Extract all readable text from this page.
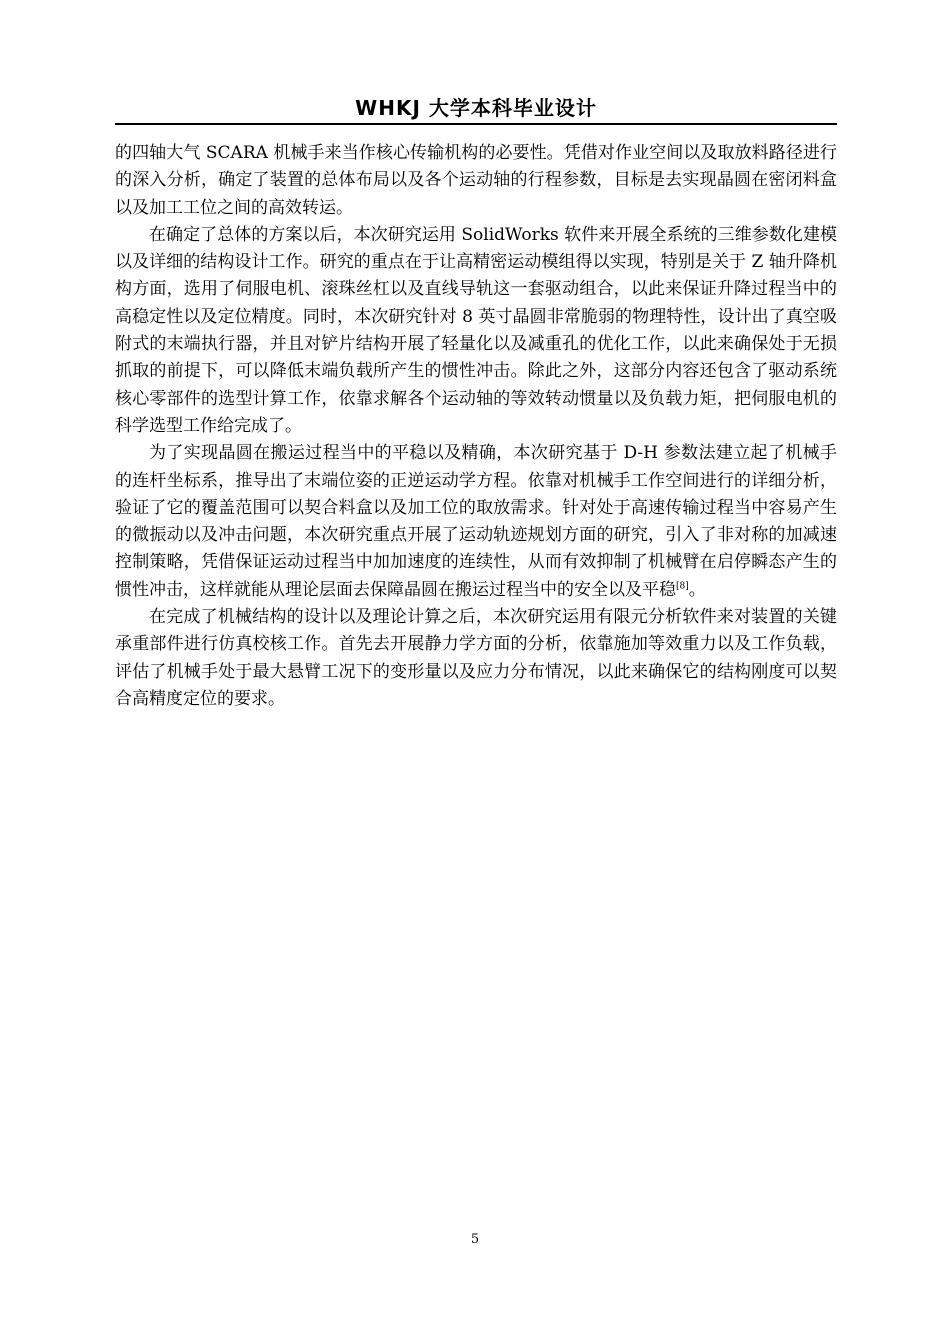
WHKJ 大学本科毕业设计

的四轴大气 SCARA 机械手来当作核心传输机构的必要性。凭借对作业空间以及取放料路径进行的深入分析，确定了装置的总体布局以及各个运动轴的行程参数，目标是去实现晶圆在密闭料盒以及加工工位之间的高效转运。

在确定了总体的方案以后，本次研究运用 SolidWorks 软件来开展全系统的三维参数化建模以及详细的结构设计工作。研究的重点在于让高精密运动模组得以实现，特别是关于 Z 轴升降机构方面，选用了伺服电机、滚珠丝杠以及直线导轨这一套驱动组合，以此来保证升降过程当中的高稳定性以及定位精度。同时，本次研究针对 8 英寸晶圆非常脆弱的物理特性，设计出了真空吸附式的末端执行器，并且对铲片结构开展了轻量化以及减重孔的优化工作，以此来确保处于无损抓取的前提下，可以降低末端负载所产生的惯性冲击。除此之外，这部分内容还包含了驱动系统核心零部件的选型计算工作，依靠求解各个运动轴的等效转动惯量以及负载力矩，把伺服电机的科学选型工作给完成了。

为了实现晶圆在搬运过程当中的平稳以及精确，本次研究基于 D-H 参数法建立起了机械手的连杆坐标系，推导出了末端位姿的正逆运动学方程。依靠对机械手工作空间进行的详细分析，验证了它的覆盖范围可以契合料盒以及加工位的取放需求。针对处于高速传输过程当中容易产生的微振动以及冲击问题，本次研究重点开展了运动轨迹规划方面的研究，引入了非对称的加减速控制策略，凭借保证运动过程当中加加速度的连续性，从而有效抑制了机械臂在启停瞬态产生的惯性冲击，这样就能从理论层面去保障晶圆在搬运过程当中的安全以及平稳[8]。

在完成了机械结构的设计以及理论计算之后，本次研究运用有限元分析软件来对装置的关键承重部件进行仿真校核工作。首先去开展静力学方面的分析，依靠施加等效重力以及工作负载，评估了机械手处于最大悬臂工况下的变形量以及应力分布情况，以此来确保它的结构刚度可以契合高精度定位的要求。

5
